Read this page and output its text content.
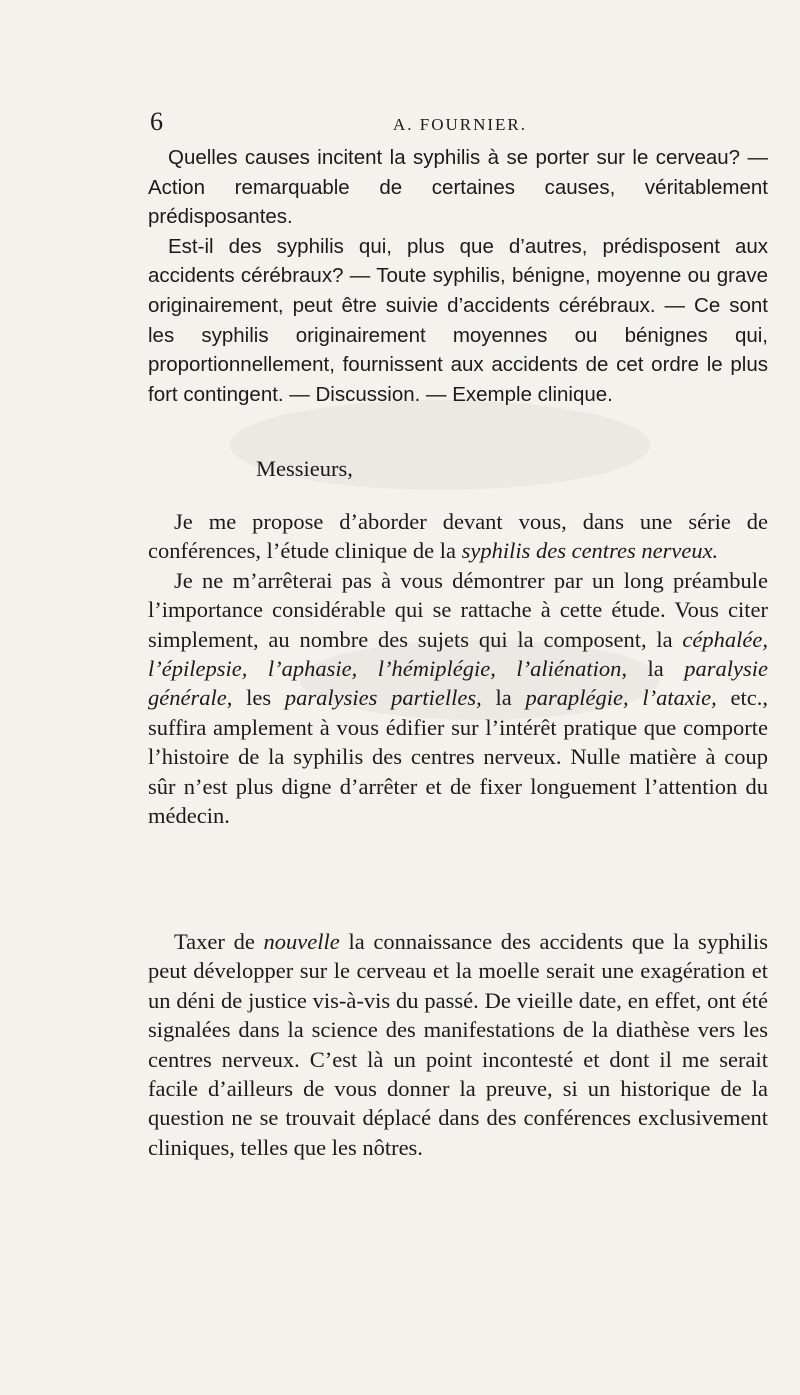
6	A. FOURNIER.

Quelles causes incitent la syphilis à se porter sur le cerveau? — Action remarquable de certaines causes, véritablement prédisposantes.

Est-il des syphilis qui, plus que d’autres, prédisposent aux accidents cérébraux? — Toute syphilis, bénigne, moyenne ou grave originairement, peut être suivie d’accidents cérébraux. — Ce sont les syphilis originairement moyennes ou bénignes qui, proportionnellement, fournissent aux accidents de cet ordre le plus fort contingent. — Discussion. — Exemple clinique.

Messieurs,

Je me propose d’aborder devant vous, dans une série de conférences, l’étude clinique de la syphilis des centres nerveux.

Je ne m’arrêterai pas à vous démontrer par un long préambule l’importance considérable qui se rattache à cette étude. Vous citer simplement, au nombre des sujets qui la composent, la céphalée, l’épilepsie, l’aphasie, l’hémiplégie, l’aliénation, la paralysie générale, les paralysies partielles, la paraplégie, l’ataxie, etc., suffira amplement à vous édifier sur l’intérêt pratique que comporte l’histoire de la syphilis des centres nerveux. Nulle matière à coup sûr n’est plus digne d’arrêter et de fixer longuement l’attention du médecin.

Taxer de nouvelle la connaissance des accidents que la syphilis peut développer sur le cerveau et la moelle serait une exagération et un déni de justice vis-à-vis du passé. De vieille date, en effet, ont été signalées dans la science des manifestations de la diathèse vers les centres nerveux. C’est là un point incontesté et dont il me serait facile d’ailleurs de vous donner la preuve, si un historique de la question ne se trouvait déplacé dans des conférences exclusivement cliniques, telles que les nôtres.
